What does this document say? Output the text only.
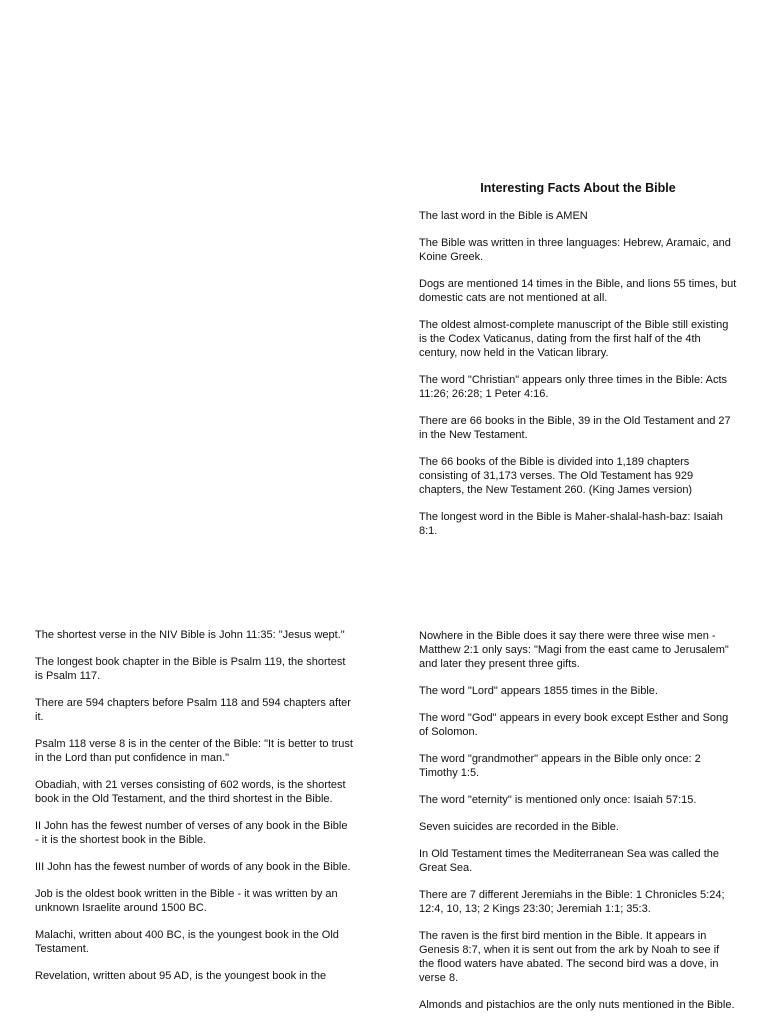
Interesting Facts About the Bible

The last word in the Bible is AMEN

The Bible was written in three languages: Hebrew, Aramaic, and Koine Greek.

Dogs are mentioned 14 times in the Bible, and lions 55 times, but domestic cats are not mentioned at all.

The oldest almost-complete manuscript of the Bible still existing is the Codex Vaticanus, dating from the first half of the 4th century, now held in the Vatican library.

The word "Christian" appears only three times in the Bible: Acts 11:26; 26:28; 1 Peter 4:16.

There are 66 books in the Bible, 39 in the Old Testament and 27 in the New Testament.

The 66 books of the Bible is divided into 1,189 chapters consisting of 31,173 verses. The Old Testament has 929 chapters, the New Testament 260. (King James version)

The longest word in the Bible is Maher-shalal-hash-baz: Isaiah 8:1.

The shortest verse in the NIV Bible is John 11:35: "Jesus wept."

The longest book chapter in the Bible is Psalm 119, the shortest is Psalm 117.

There are 594 chapters before Psalm 118 and 594 chapters after it.

Psalm 118 verse 8 is in the center of the Bible: "It is better to trust in the Lord than put confidence in man."

Obadiah, with 21 verses consisting of 602 words, is the shortest book in the Old Testament, and the third shortest in the Bible.

II John has the fewest number of verses of any book in the Bible - it is the shortest book in the Bible.

III John has the fewest number of words of any book in the Bible.

Job is the oldest book written in the Bible - it was written by an unknown Israelite around 1500 BC.

Malachi, written about 400 BC, is the youngest book in the Old Testament.

Revelation, written about 95 AD, is the youngest book in the

Nowhere in the Bible does it say there were three wise men - Matthew 2:1 only says: "Magi from the east came to Jerusalem" and later they present three gifts.

The word "Lord" appears 1855 times in the Bible.

The word "God" appears in every book except Esther and Song of Solomon.

The word "grandmother" appears in the Bible only once: 2 Timothy 1:5.

The word "eternity" is mentioned only once: Isaiah 57:15.

Seven suicides are recorded in the Bible.

In Old Testament times the Mediterranean Sea was called the Great Sea.

There are 7 different Jeremiahs in the Bible: 1 Chronicles 5:24; 12:4, 10, 13; 2 Kings 23:30; Jeremiah 1:1; 35:3.

The raven is the first bird mention in the Bible. It appears in Genesis 8:7, when it is sent out from the ark by Noah to see if the flood waters have abated. The second bird was a dove, in verse 8.

Almonds and pistachios are the only nuts mentioned in the Bible.
